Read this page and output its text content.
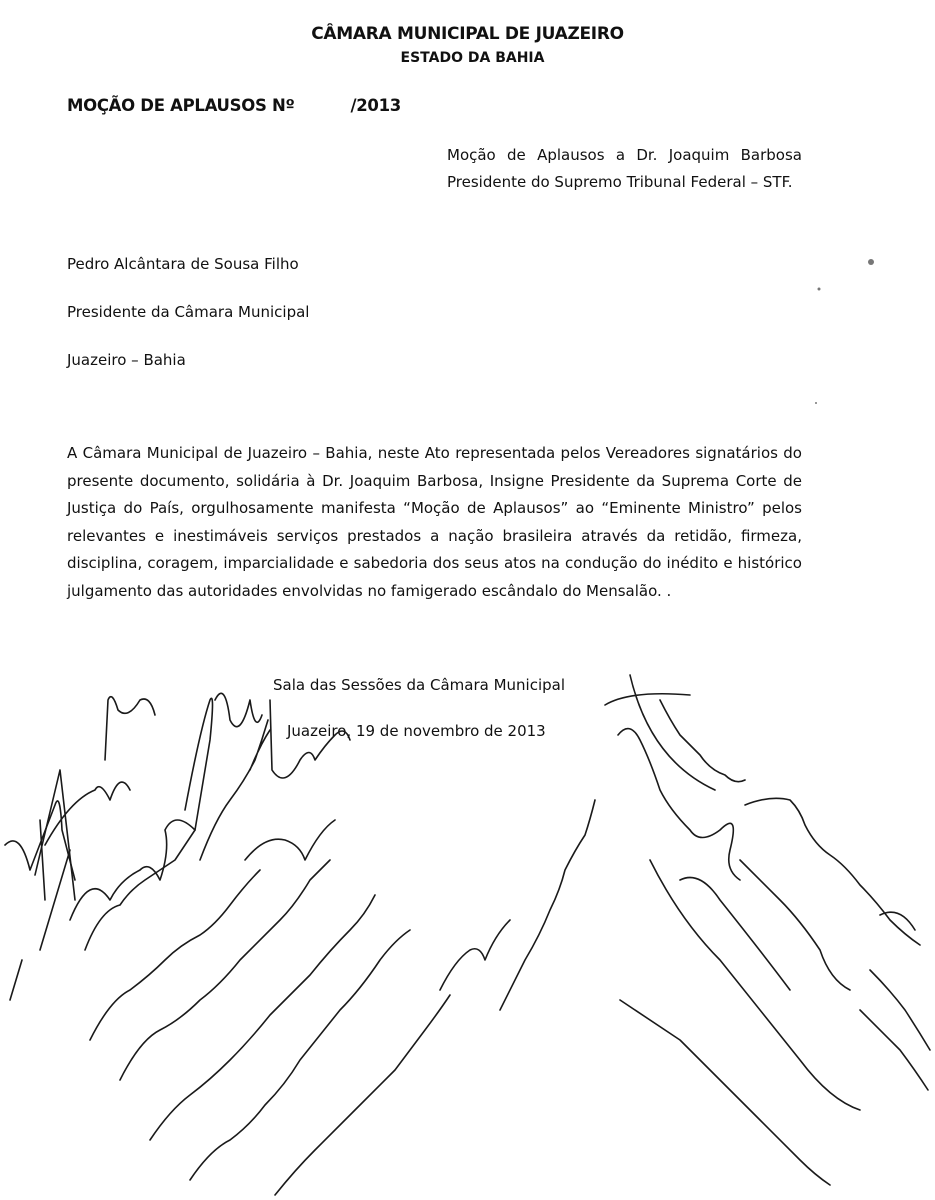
CÂMARA MUNICIPAL DE JUAZEIRO
ESTADO DA BAHIA
MOÇÃO DE APLAUSOS Nº	/2013
Moção de Aplausos a Dr. Joaquim Barbosa Presidente do Supremo Tribunal Federal – STF.
Pedro Alcântara de Sousa Filho
Presidente da Câmara Municipal
Juazeiro – Bahia
A Câmara Municipal de Juazeiro – Bahia, neste Ato representada pelos Vereadores signatários do presente documento, solidária à Dr. Joaquim Barbosa, Insigne Presidente da Suprema Corte de Justiça do País, orgulhosamente manifesta “Moção de Aplausos” ao “Eminente Ministro” pelos relevantes e inestimáveis serviços prestados a nação brasileira através da retidão, firmeza, disciplina, coragem, imparcialidade e sabedoria dos seus atos na condução do inédito e histórico julgamento das autoridades envolvidas no famigerado escândalo do Mensalão. .
Sala das Sessões da Câmara Municipal
Juazeiro, 19 de novembro de 2013
